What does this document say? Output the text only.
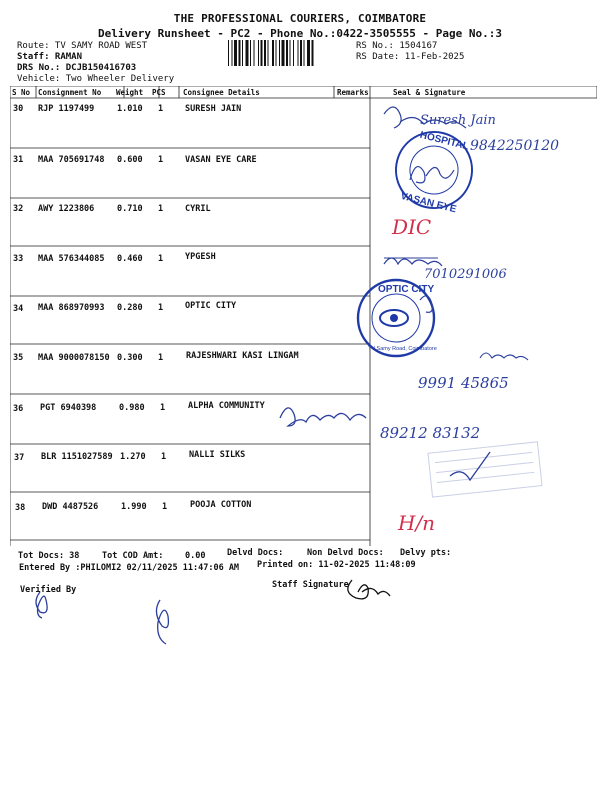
THE PROFESSIONAL COURIERS, COIMBATORE
Delivery Runsheet - PC2 - Phone No.:0422-3505555 - Page No.:3
Route: TV SAMY ROAD WEST
Staff: RAMAN
DRS No.: DCJB150416703
Vehicle: Two Wheeler Delivery
RS No.: 1504167
RS Date: 11-Feb-2025
S No Consignment No Weight PCS Consignee Details	Remarks	Seal & Signature
30 RJP 1197499	1.010 1	SURESH JAIN
31 MAA 705691748 0.600 1	VASAN EYE CARE
32 AWY 1223806	0.710 1	CYRIL
33 MAA 576344085 0.460 1	YPGESH
34 MAA 868970993 0.280 1	OPTIC CITY
35 MAA 9000078150 0.300 1	RAJESHWARI KASI LINGAM
36 PGT 6940398	0.980 1	ALPHA COMMUNITY
37 BLR 1151027589 1.270 1	NALLI SILKS
38 DWD 4487526	1.990 1	POOJA COTTON
Tot Docs: 38	Tot COD Amt:	0.00	Delvd Docs:	Non Delvd Docs: Delvy pts:
Entered By :PHILOMI2 02/11/2025 11:47:06 AM Printed on: 11-02-2025 11:48:09
Verified By	Staff Signature
Suresh Jain
9842250120
HOSPITAL
VASAN EYE
DIC
7010291006
OPTIC CITY
TV Samy Road, Coimbatore
9991 45865
89212 83132
H/n
